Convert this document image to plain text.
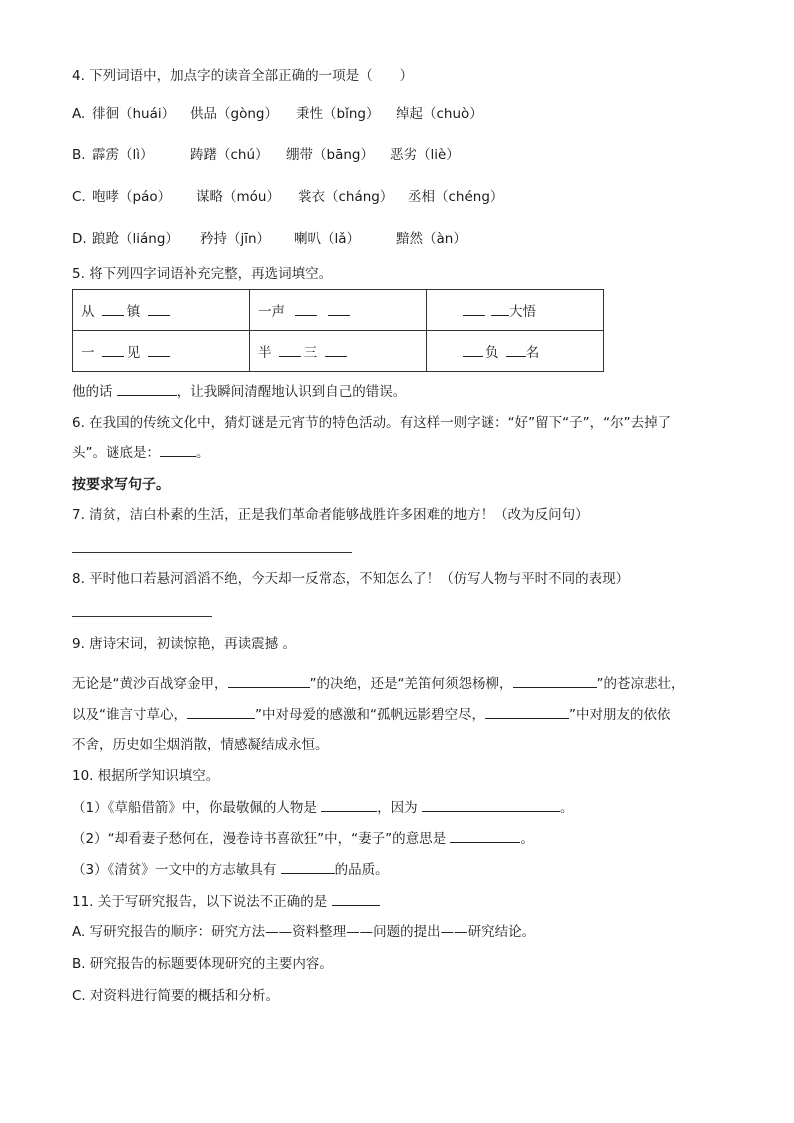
4. 下列词语中，加点字的读音全部正确的一项是（　　）
A. 徘徊（huái） 供品（gòng） 秉性（bǐng） 绰起（chuò）
B. 霹雳（lì）	踌躇（chú） 绷带（bāng） 恶劣（liè）
C. 咆哮（páo） 谋略（móu） 裳衣（cháng） 丞相（chéng）
D. 踉跄（liáng） 矜持（jīn） 喇叭（lǎ）	黯然（àn）
5. 将下列四字词语补充完整，再选词填空。
从 镇	一声	大悟
一 见	半 三	负 名
他的话	，让我瞬间清醒地认识到自己的错误。
6. 在我国的传统文化中，猜灯谜是元宵节的特色活动。有这样一则字谜：“好”留下“子”，“尔”去掉了
头”。谜底是：	。
按要求写句子。
7. 清贫，洁白朴素的生活，正是我们革命者能够战胜许多困难的地方！（改为反问句）
8. 平时他口若悬河滔滔不绝，今天却一反常态，不知怎么了！（仿写人物与平时不同的表现）
9. 唐诗宋词，初读惊艳，再读震撼 。
无论是“黄沙百战穿金甲，	”的决绝，还是“羌笛何须怨杨柳，	”的苍凉悲壮，
以及“谁言寸草心，	”中对母爱的感激和“孤帆远影碧空尽，	”中对朋友的依依
不舍，历史如尘烟消散，情感凝结成永恒。
10. 根据所学知识填空。
（1）《草船借箭》中，你最敬佩的人物是	，因为	。
（2）“却看妻子愁何在，漫卷诗书喜欲狂”中，“妻子”的意思是	。
（3）《清贫》一文中的方志敏具有	的品质。
11. 关于写研究报告，以下说法不正确的是
A. 写研究报告的顺序：研究方法——资料整理——问题的提出——研究结论。
B. 研究报告的标题要体现研究的主要内容。
C. 对资料进行简要的概括和分析。
